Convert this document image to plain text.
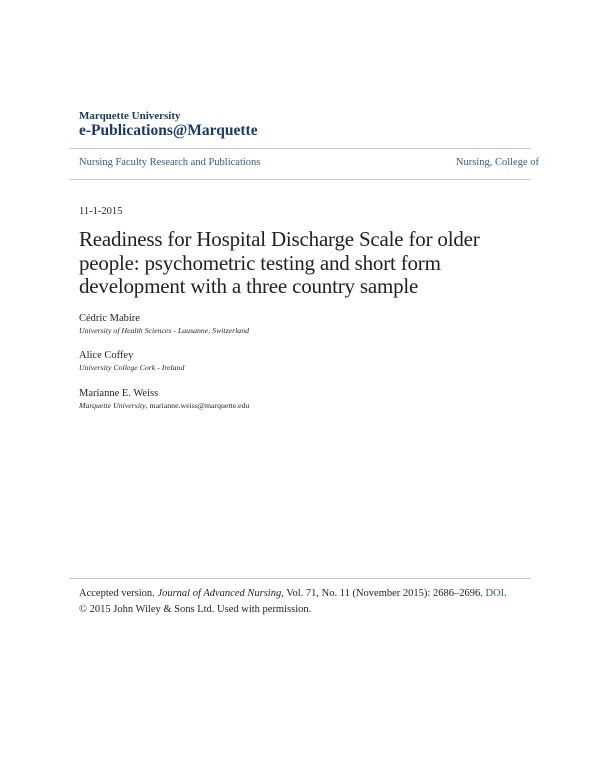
Marquette University
e-Publications@Marquette
Nursing Faculty Research and Publications	Nursing, College of
11-1-2015
Readiness for Hospital Discharge Scale for older people: psychometric testing and short form development with a three country sample
Cédric Mabire
University of Health Sciences - Lausanne, Switzerland
Alice Coffey
University College Cork - Ireland
Marianne E. Weiss
Marquette University, marianne.weiss@marquette.edu
Accepted version. Journal of Advanced Nursing, Vol. 71, No. 11 (November 2015): 2686–2696. DOI.
© 2015 John Wiley & Sons Ltd. Used with permission.
